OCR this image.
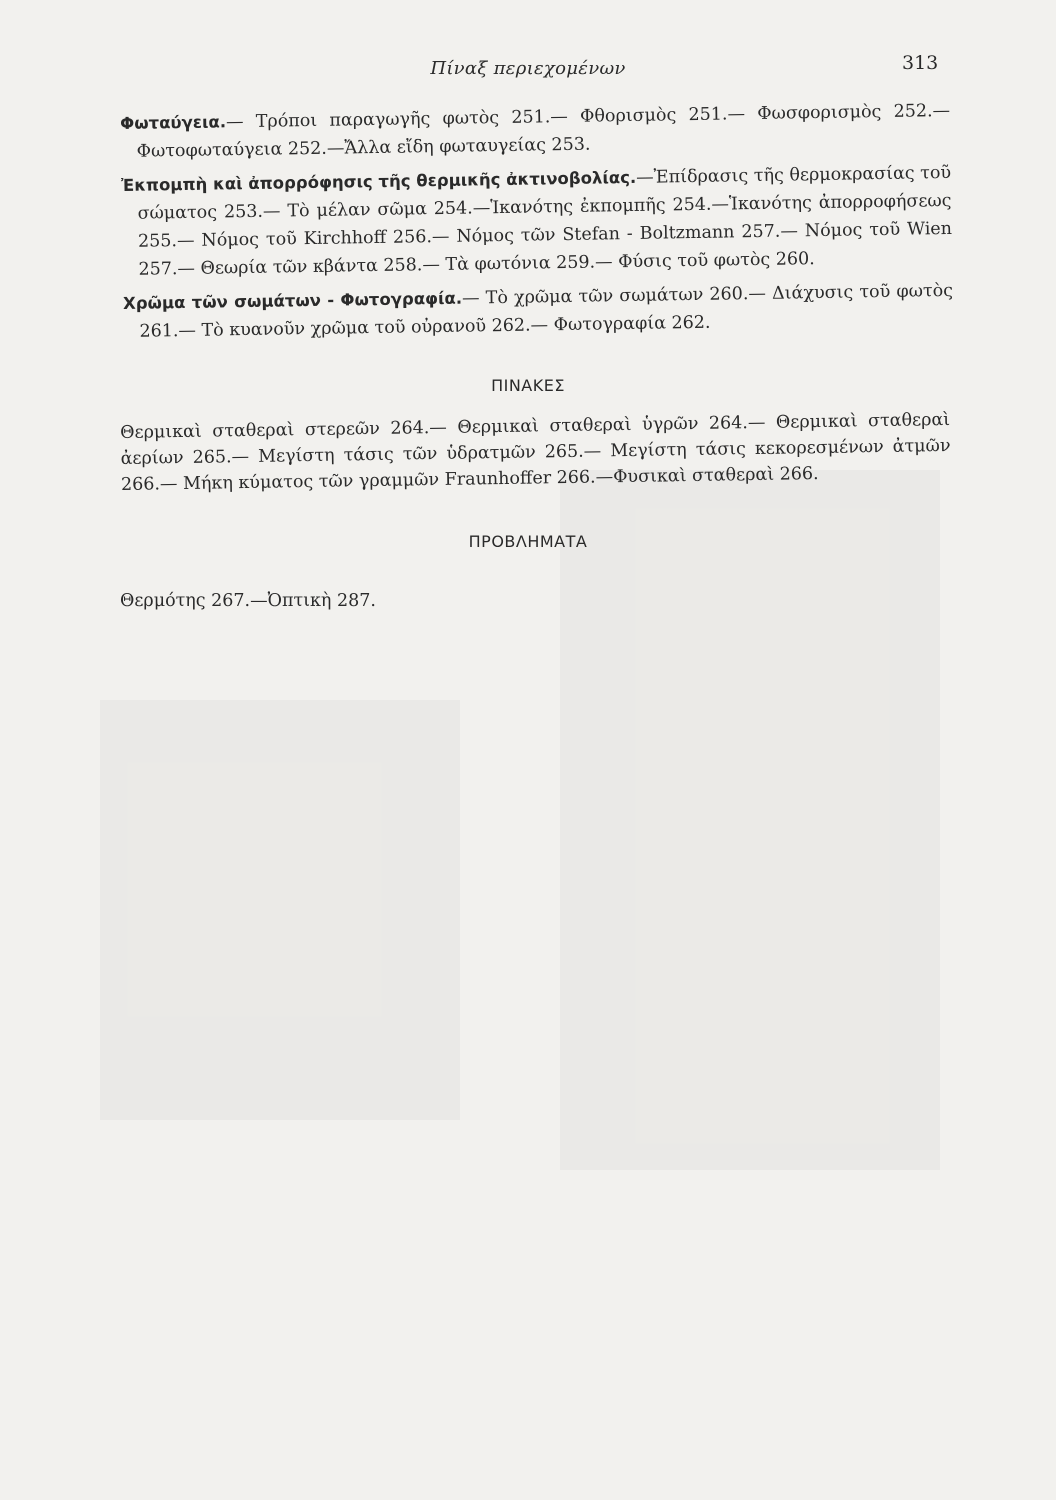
Πίναξ περιεχομένων	313

Φωταύγεια.— Τρόποι παραγωγῆς φωτὸς 251.— Φθορισμὸς 251.— Φωσφορισμὸς 252.— Φωτοφωταύγεια 252.—Ἄλλα εἴδη φωταυγείας 253.

Ἐκπομπὴ καὶ ἀπορρόφησις τῆς θερμικῆς ἀκτινοβολίας.—Ἐπίδρασις τῆς θερμοκρασίας τοῦ σώματος 253.— Τὸ μέλαν σῶμα 254.—Ἱκανότης ἐκπομπῆς 254.—Ἱκανότης ἀπορροφήσεως 255.— Νόμος τοῦ Kirchhoff 256.— Νόμος τῶν Stefan - Boltzmann 257.— Νόμος τοῦ Wien 257.— Θεωρία τῶν κβάντα 258.— Τὰ φωτόνια 259.— Φύσις τοῦ φωτὸς 260.

Χρῶμα τῶν σωμάτων - Φωτογραφία.— Τὸ χρῶμα τῶν σωμάτων 260.— Διάχυσις τοῦ φωτὸς 261.— Τὸ κυανοῦν χρῶμα τοῦ οὐρανοῦ 262.— Φωτογραφία 262.

ΠΙΝΑΚΕΣ
Θερμικαὶ σταθεραὶ στερεῶν 264.— Θερμικαὶ σταθεραὶ ὑγρῶν 264.— Θερμικαὶ σταθεραὶ ἀερίων 265.— Μεγίστη τάσις τῶν ὑδρατμῶν 265.— Μεγίστη τάσις κεκορεσμένων ἀτμῶν 266.— Μήκη κύματος τῶν γραμμῶν Fraunhoffer 266.—Φυσικαὶ σταθεραὶ 266.
ΠΡΟΒΛΗΜΑΤΑ
Θερμότης 267.—Ὀπτικὴ 287.
